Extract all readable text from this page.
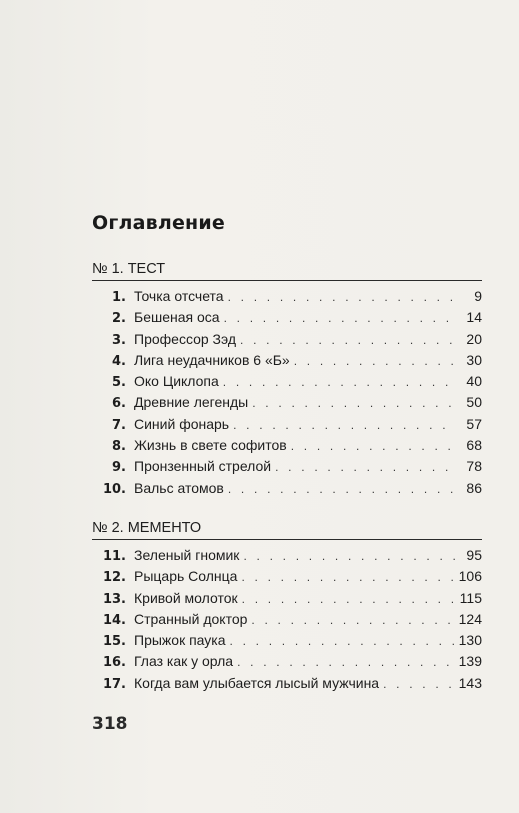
Оглавление
№ 1. ТЕСТ
1. Точка отсчета . . .	9
2. Бешеная оса . . .	14
3. Профессор Зэд . . .	20
4. Лига неудачников 6 «Б» . . .	30
5. Око Циклопа . . .	40
6. Древние легенды . . .	50
7. Синий фонарь . . .	57
8. Жизнь в свете софитов . . .	68
9. Пронзенный стрелой . . .	78
10. Вальс атомов . . .	86
№ 2. МЕМЕНТО
11. Зеленый гномик . . .	95
12. Рыцарь Солнца . . .	106
13. Кривой молоток . . .	115
14. Странный доктор . . .	124
15. Прыжок паука . . .	130
16. Глаз как у орла . . .	139
17. Когда вам улыбается лысый мужчина . . .	143
318
